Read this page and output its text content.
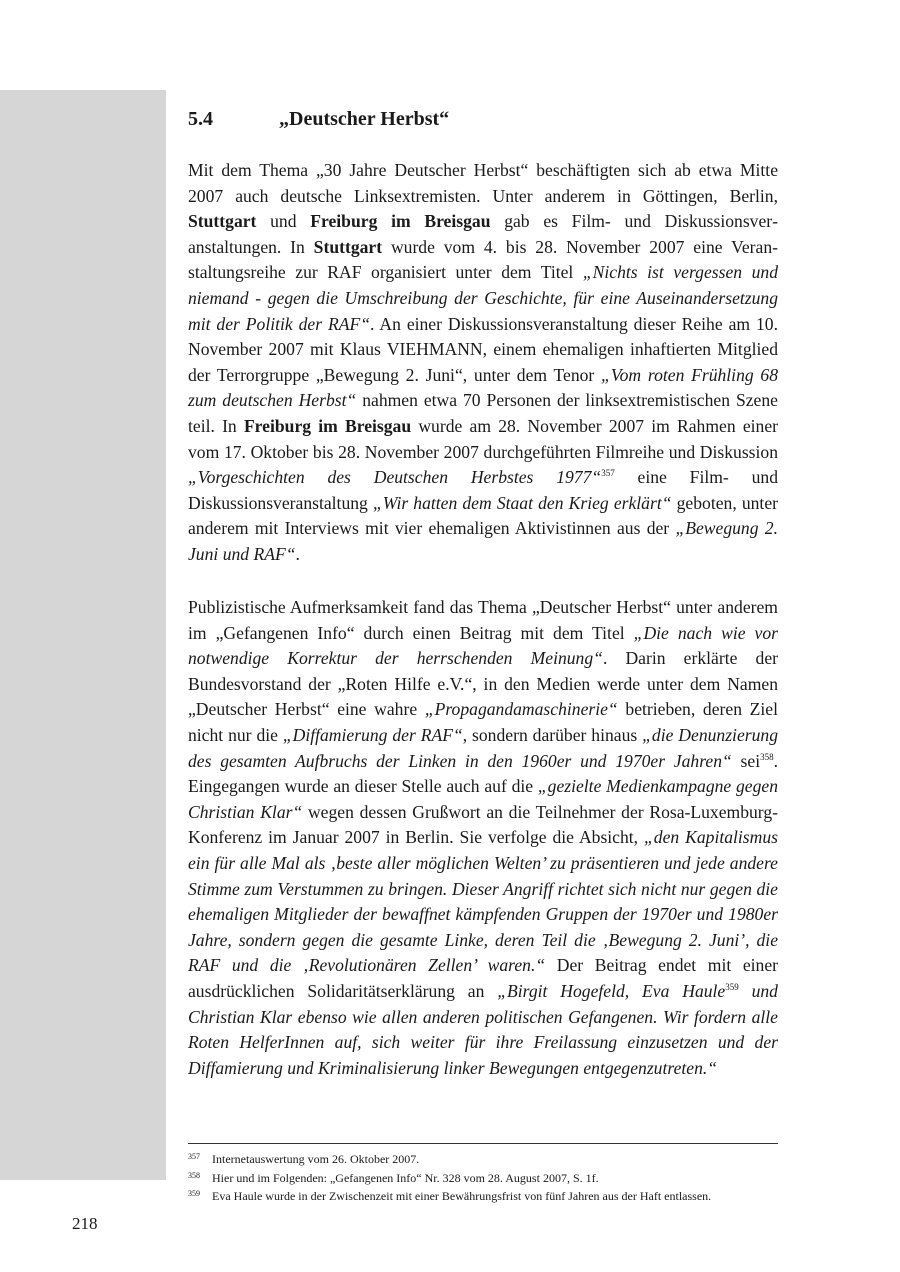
5.4	„Deutscher Herbst“

Mit dem Thema „30 Jahre Deutscher Herbst“ beschäftigten sich ab etwa Mitte 2007 auch deutsche Linksextremisten. Unter anderem in Göttingen, Berlin, Stuttgart und Freiburg im Breisgau gab es Film- und Diskussionsveranstaltungen. In Stuttgart wurde vom 4. bis 28. November 2007 eine Veranstaltungsreihe zur RAF organisiert unter dem Titel „Nichts ist vergessen und niemand - gegen die Umschreibung der Geschichte, für eine Auseinandersetzung mit der Politik der RAF“. An einer Diskussionsveranstaltung dieser Reihe am 10. November 2007 mit Klaus VIEHMANN, einem ehemaligen inhaftierten Mitglied der Terrorgruppe „Bewegung 2. Juni“, unter dem Tenor „Vom roten Frühling 68 zum deutschen Herbst“ nahmen etwa 70 Personen der linksextremistischen Szene teil. In Freiburg im Breisgau wurde am 28. November 2007 im Rahmen einer vom 17. Oktober bis 28. November 2007 durchgeführten Filmreihe und Diskussion „Vorgeschichten des Deutschen Herbstes 1977“$^{357}$ eine Film- und Diskussionsveranstaltung „Wir hatten dem Staat den Krieg erklärt“ geboten, unter anderem mit Interviews mit vier ehemaligen Aktivistinnen aus der „Bewegung 2. Juni und RAF“.

Publizistische Aufmerksamkeit fand das Thema „Deutscher Herbst“ unter anderem im „Gefangenen Info“ durch einen Beitrag mit dem Titel „Die nach wie vor notwendige Korrektur der herrschenden Meinung“. Darin erklärte der Bundesvorstand der „Roten Hilfe e.V.“, in den Medien werde unter dem Namen „Deutscher Herbst“ eine wahre „Propagandamaschinerie“ betrieben, deren Ziel nicht nur die „Diffamierung der RAF“, sondern darüber hinaus „die Denunzierung des gesamten Aufbruchs der Linken in den 1960er und 1970er Jahren“ sei$^{358}$. Eingegangen wurde an dieser Stelle auch auf die „gezielte Medienkampagne gegen Christian Klar“ wegen dessen Grußwort an die Teilnehmer der Rosa-Luxemburg-Konferenz im Januar 2007 in Berlin. Sie verfolge die Absicht, „den Kapitalismus ein für alle Mal als ‚beste aller möglichen Welten’ zu präsentieren und jede andere Stimme zum Verstummen zu bringen. Dieser Angriff richtet sich nicht nur gegen die ehemaligen Mitglieder der bewaffnet kämpfenden Gruppen der 1970er und 1980er Jahre, sondern gegen die gesamte Linke, deren Teil die ‚Bewegung 2. Juni’, die RAF und die ‚Revolutionären Zellen’ waren.“ Der Beitrag endet mit einer ausdrücklichen Solidaritätserklärung an „Birgit Hogefeld, Eva Haule$^{359}$ und Christian Klar ebenso wie allen anderen politischen Gefangenen. Wir fordern alle Roten HelferInnen auf, sich weiter für ihre Freilassung einzusetzen und der Diffamierung und Kriminalisierung linker Bewegungen entgegenzutreten.“

357 Internetauswertung vom 26. Oktober 2007.
358 Hier und im Folgenden: „Gefangenen Info“ Nr. 328 vom 28. August 2007, S. 1f.
359 Eva Haule wurde in der Zwischenzeit mit einer Bewährungsfrist von fünf Jahren aus der Haft entlassen.
218
